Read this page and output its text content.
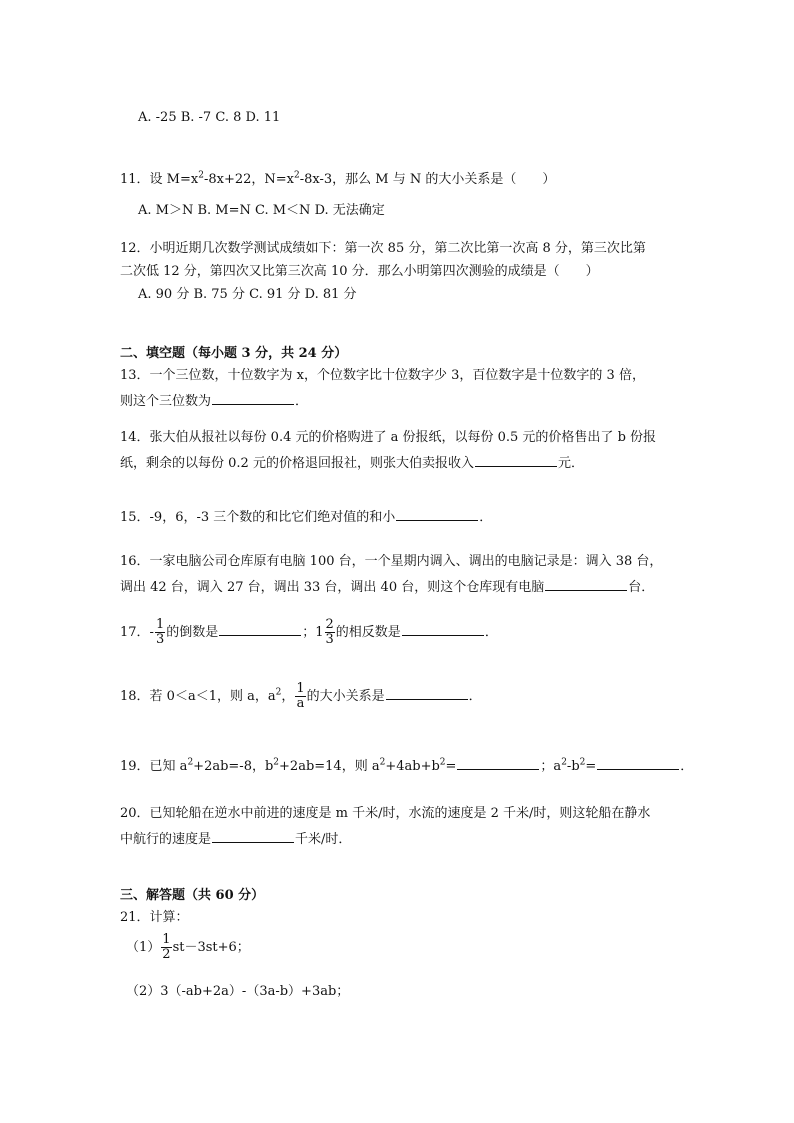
A. -25 B. -7 C. 8 D. 11
11．设 $M=x^2-8x+22$，$N=x^2-8x-3$，那么 M 与 N 的大小关系是（　　）
A. M＞N B. M=N C. M＜N D. 无法确定
12．小明近期几次数学测试成绩如下：第一次 85 分，第二次比第一次高 8 分，第三次比第
二次低 12 分，第四次又比第三次高 10 分．那么小明第四次测验的成绩是（　　）
A. 90 分 B. 75 分 C. 91 分 D. 81 分
二、填空题（每小题 3 分，共 24 分）
13．一个三位数，十位数字为 x，个位数字比十位数字少 3，百位数字是十位数字的 3 倍，
则这个三位数为	．
14．张大伯从报社以每份 0.4 元的价格购进了 a 份报纸，以每份 0.5 元的价格售出了 b 份报
纸，剩余的以每份 0.2 元的价格退回报社，则张大伯卖报收入	元．
15．-9，6，-3 三个数的和比它们绝对值的和小	．
16．一家电脑公司仓库原有电脑 100 台，一个星期内调入、调出的电脑记录是：调入 38 台，
调出 42 台，调入 27 台，调出 33 台，调出 40 台，则这个仓库现有电脑	台．
17．- $\frac{1}{3}$ 的倒数是	；$1 \frac{2}{3}$ 的相反数是	．
18．若 0＜a＜1，则 a，$a^2$， $\frac{1}{a}$ 的大小关系是	．
19．已知 $a^2+2ab=-8$，$b^2+2ab=14$，则 $a^2+4ab+b^2=$	；$a^2-b^2=$	．
20．已知轮船在逆水中前进的速度是 m 千米/时，水流的速度是 2 千米/时，则这轮船在静水
中航行的速度是	千米/时．
三、解答题（共 60 分）
21．计算：
$(1) \frac{1}{2} st-3st+6$；
（2）3（-ab+2a）-（3a-b）+3ab；
